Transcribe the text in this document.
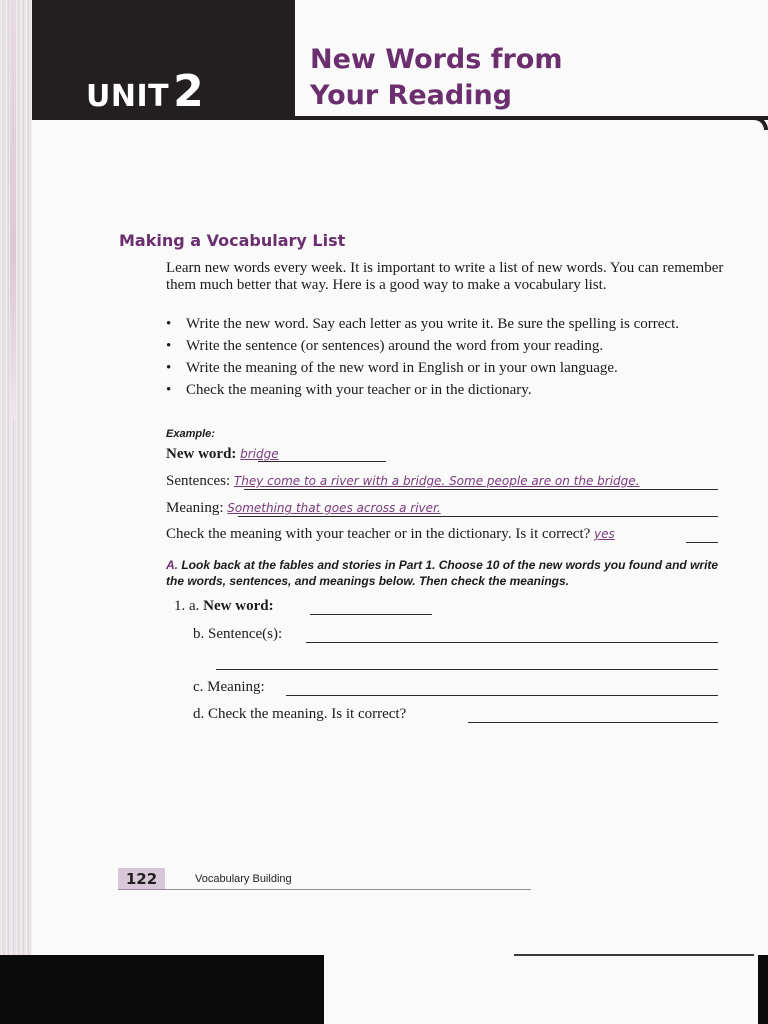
UNIT2
New Words from
Your Reading
Making a Vocabulary List

Learn new words every week. It is important to write a list of new words. You can remember them much better that way. Here is a good way to make a vocabulary list.

• Write the new word. Say each letter as you write it. Be sure the spelling is correct.
• Write the sentence (or sentences) around the word from your reading.
• Write the meaning of the new word in English or in your own language.
• Check the meaning with your teacher or in the dictionary.
Example:
New word: bridge
Sentences: They come to a river with a bridge. Some people are on the bridge.
Meaning: Something that goes across a river.
Check the meaning with your teacher or in the dictionary. Is it correct? yes

A. Look back at the fables and stories in Part 1. Choose 10 of the new words you found and write the words, sentences, and meanings below. Then check the meanings.

1. a. New word:
b. Sentence(s):
c. Meaning:
d. Check the meaning. Is it correct?
122	Vocabulary Building
